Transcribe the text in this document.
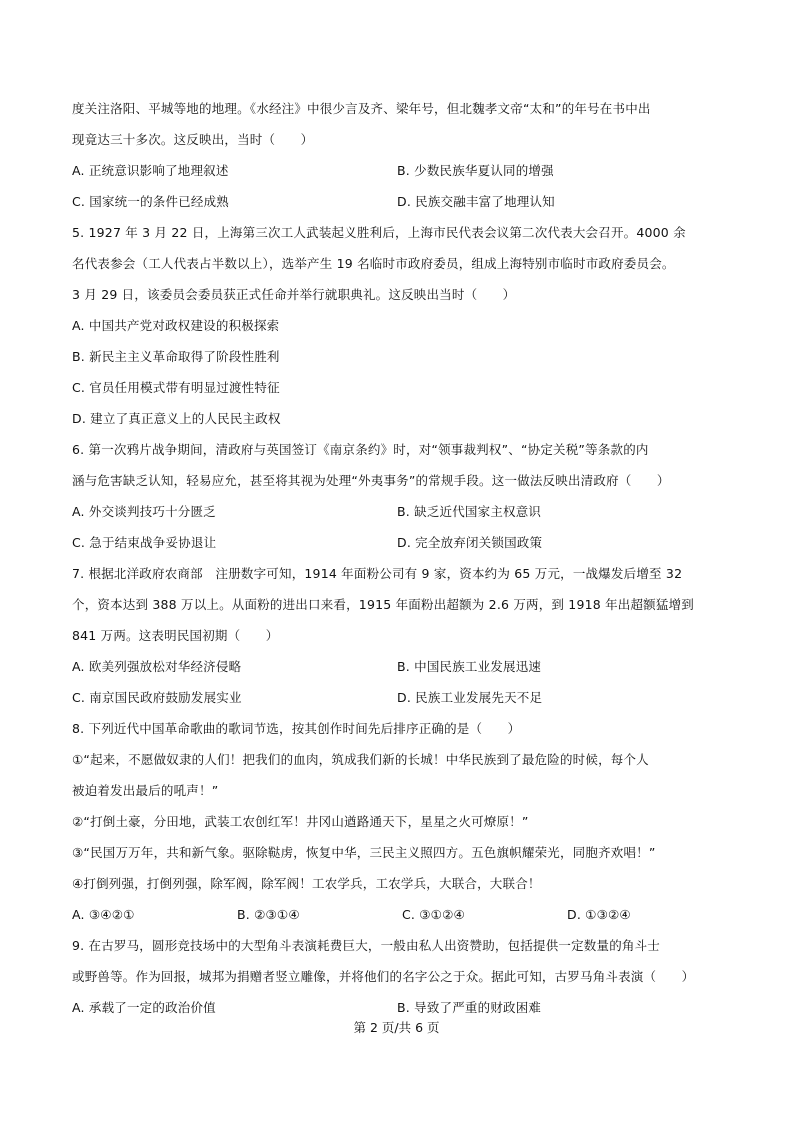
度关注洛阳、平城等地的地理。《水经注》中很少言及齐、梁年号，但北魏孝文帝“太和”的年号在书中出
现竟达三十多次。这反映出，当时（　　）
A. 正统意识影响了地理叙述	B. 少数民族华夏认同的增强
C. 国家统一的条件已经成熟	D. 民族交融丰富了地理认知
5. 1927 年 3 月 22 日，上海第三次工人武装起义胜利后，上海市民代表会议第二次代表大会召开。4000 余
名代表参会（工人代表占半数以上），选举产生 19 名临时市政府委员，组成上海特别市临时市政府委员会。
3 月 29 日，该委员会委员获正式任命并举行就职典礼。这反映出当时（　　）
A. 中国共产党对政权建设的积极探索
B. 新民主主义革命取得了阶段性胜利
C. 官员任用模式带有明显过渡性特征
D. 建立了真正意义上的人民民主政权
6. 第一次鸦片战争期间，清政府与英国签订《南京条约》时，对“领事裁判权”、“协定关税”等条款的内
涵与危害缺乏认知，轻易应允，甚至将其视为处理“外夷事务”的常规手段。这一做法反映出清政府（　　）
A. 外交谈判技巧十分匮乏	B. 缺乏近代国家主权意识
C. 急于结束战争妥协退让	D. 完全放弃闭关锁国政策
7. 根据北洋政府农商部　注册数字可知，1914 年面粉公司有 9 家，资本约为 65 万元，一战爆发后增至 32
个，资本达到 388 万以上。从面粉的进出口来看，1915 年面粉出超额为 2.6 万两，到 1918 年出超额猛增到
841 万两。这表明民国初期（　　）
A. 欧美列强放松对华经济侵略	B. 中国民族工业发展迅速
C. 南京国民政府鼓励发展实业	D. 民族工业发展先天不足
8. 下列近代中国革命歌曲的歌词节选，按其创作时间先后排序正确的是（　　）
①“起来，不愿做奴隶的人们！把我们的血肉，筑成我们新的长城！中华民族到了最危险的时候，每个人
被迫着发出最后的吼声！”
②“打倒土豪，分田地，武装工农创红军！井冈山遒路通天下，星星之火可燎原！”
③“民国万万年，共和新气象。驱除鞑虏，恢复中华，三民主义照四方。五色旗帜耀荣光，同胞齐欢唱！”
④打倒列强，打倒列强，除军阀，除军阀！工农学兵，工农学兵，大联合，大联合！
A. ③④②①	B. ②③①④	C. ③①②④	D. ①③②④
9. 在古罗马，圆形竞技场中的大型角斗表演耗费巨大，一般由私人出资赞助，包括提供一定数量的角斗士
或野兽等。作为回报，城邦为捐赠者竖立雕像，并将他们的名字公之于众。据此可知，古罗马角斗表演（　　）
A. 承载了一定的政治价值	B. 导致了严重的财政困难
第 2 页/共 6 页
